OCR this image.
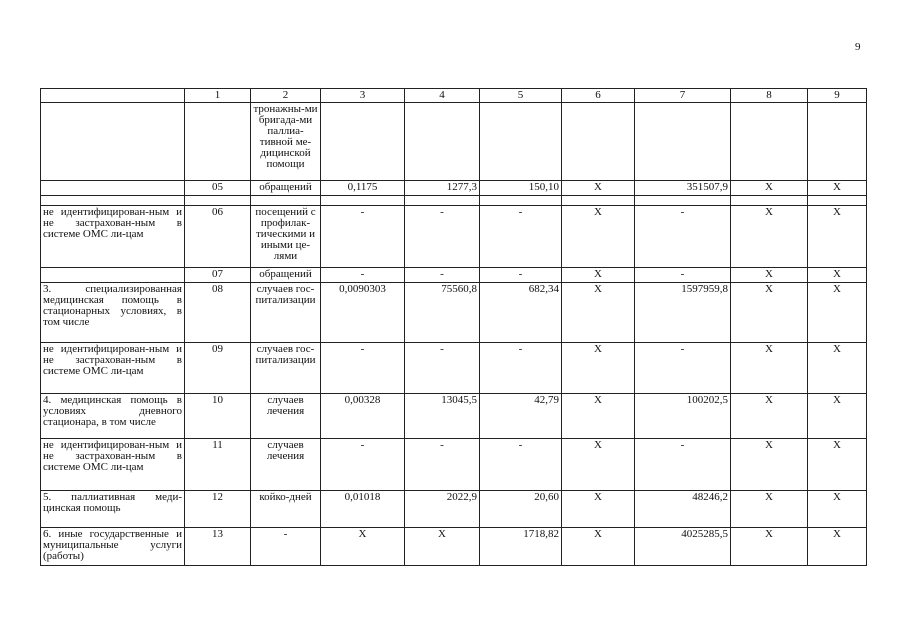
9
	1	2	3	4	5	6	7	8	9
		тронажны-ми бригада-ми паллиа-тивной ме-дицинской помощи							
	05	обращений	0,1175	1277,3	150,10	Х	351507,9	Х	Х

не идентифицирован-ным и не застрахован-ным в системе ОМС ли-цам	06	посещений с профилак-тическими и иными це-лями	-	-	-	Х	-	Х	Х
	07	обращений	-	-	-	Х	-	Х	Х
3. специализированная медицинская помощь в стационарных условиях, в том числе	08	случаев гос-питализации	0,0090303	75560,8	682,34	Х	1597959,8	Х	Х
не идентифицирован-ным и не застрахован-ным в системе ОМС ли-цам	09	случаев гос-питализации	-	-	-	Х	-	Х	Х
4. медицинская помощь в условиях дневного стационара, в том числе	10	случаев лечения	0,00328	13045,5	42,79	Х	100202,5	Х	Х
не идентифицирован-ным и не застрахован-ным в системе ОМС ли-цам	11	случаев лечения	-	-	-	Х	-	Х	Х
5. паллиативная меди-цинская помощь	12	койко-дней	0,01018	2022,9	20,60	Х	48246,2	Х	Х
6. иные государственные и муниципальные услуги (работы)	13	-	Х	Х	1718,82	Х	4025285,5	Х	Х
